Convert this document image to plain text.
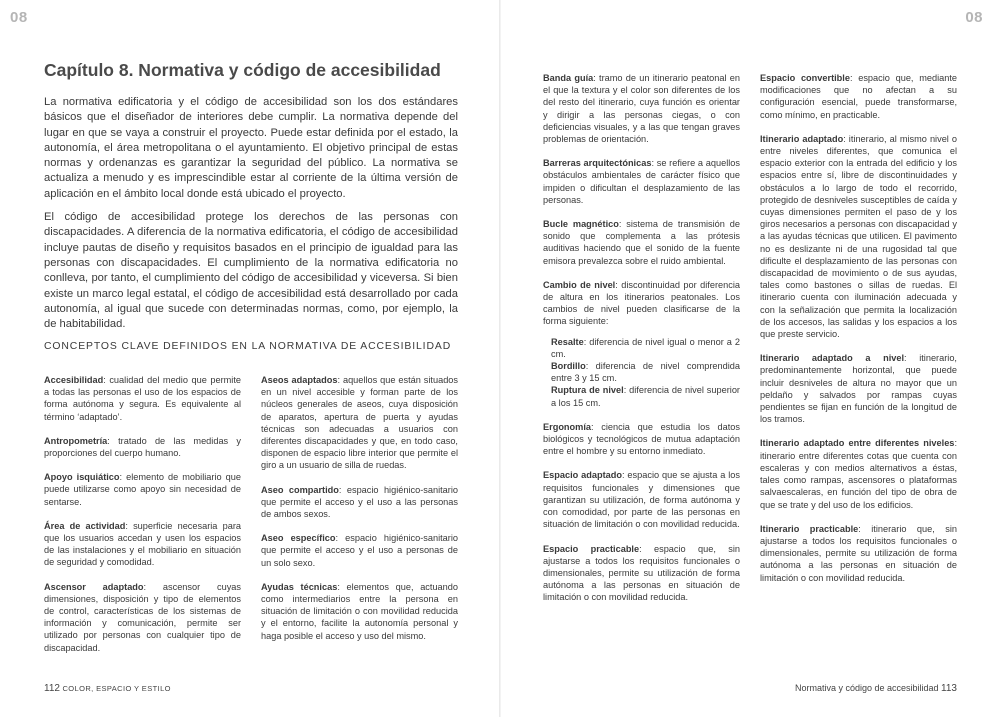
08
Capítulo 8. Normativa y código de accesibilidad

La normativa edificatoria y el código de accesibilidad son los dos estándares básicos que el diseñador de interiores debe cumplir. La normativa depende del lugar en que se vaya a construir el proyecto. Puede estar definida por el estado, la autonomía, el área metropolitana o el ayuntamiento. El objetivo principal de estas normas y ordenanzas es garantizar la seguridad del público. La normativa se actualiza a menudo y es imprescindible estar al corriente de la última versión de aplicación en el ámbito local donde está ubicado el proyecto.

El código de accesibilidad protege los derechos de las personas con discapacidades. A diferencia de la normativa edificatoria, el código de accesibilidad incluye pautas de diseño y requisitos basados en el principio de igualdad para las personas con discapacidades. El cumplimiento de la normativa edificatoria no conlleva, por tanto, el cumplimiento del código de accesibilidad y viceversa. Si bien existe un marco legal estatal, el código de accesibilidad está desarrollado por cada autonomía, al igual que sucede con determinadas normas, como, por ejemplo, la de habitabilidad.

CONCEPTOS CLAVE DEFINIDOS EN LA NORMATIVA DE ACCESIBILIDAD
Accesibilidad: cualidad del medio que permite a todas las personas el uso de los espacios de forma autónoma y segura. Es equivalente al término ‘adaptado’.
Antropometría: tratado de las medidas y proporciones del cuerpo humano.
Apoyo isquiático: elemento de mobiliario que puede utilizarse como apoyo sin necesidad de sentarse.
Área de actividad: superficie necesaria para que los usuarios accedan y usen los espacios de las instalaciones y el mobiliario en situación de seguridad y comodidad.
Ascensor adaptado: ascensor cuyas dimensiones, disposición y tipo de elementos de control, características de los sistemas de información y comunicación, permite ser utilizado por personas con cualquier tipo de discapacidad.
Aseos adaptados: aquellos que están situados en un nivel accesible y forman parte de los núcleos generales de aseos, cuya disposición de aparatos, apertura de puerta y ayudas técnicas son adecuadas a usuarios con diferentes discapacidades y que, en todo caso, disponen de espacio libre interior que permite el giro a un usuario de silla de ruedas.
Aseo compartido: espacio higiénico-sanitario que permite el acceso y el uso a las personas de ambos sexos.
Aseo específico: espacio higiénico-sanitario que permite el acceso y el uso a personas de un solo sexo.
Ayudas técnicas: elementos que, actuando como intermediarios entre la persona en situación de limitación o con movilidad reducida y el entorno, facilite la autonomía personal y haga posible el acceso y uso del mismo.
112 COLOR, ESPACIO Y ESTILO
08
Banda guía: tramo de un itinerario peatonal en el que la textura y el color son diferentes de los del resto del itinerario, cuya función es orientar y dirigir a las personas ciegas, o con deficiencias visuales, y a las que tengan graves problemas de orientación.
Barreras arquitectónicas: se refiere a aquellos obstáculos ambientales de carácter físico que impiden o dificultan el desplazamiento de las personas.
Bucle magnético: sistema de transmisión de sonido que complementa a las prótesis auditivas haciendo que el sonido de la fuente emisora prevalezca sobre el ruido ambiental.
Cambio de nivel: discontinuidad por diferencia de altura en los itinerarios peatonales. Los cambios de nivel pueden clasificarse de la forma siguiente:
Resalte: diferencia de nivel igual o menor a 2 cm.
Bordillo: diferencia de nivel comprendida entre 3 y 15 cm.
Ruptura de nivel: diferencia de nivel superior a los 15 cm.
Ergonomía: ciencia que estudia los datos biológicos y tecnológicos de mutua adaptación entre el hombre y su entorno inmediato.
Espacio adaptado: espacio que se ajusta a los requisitos funcionales y dimensiones que garantizan su utilización, de forma autónoma y con comodidad, por parte de las personas en situación de limitación o con movilidad reducida.
Espacio practicable: espacio que, sin ajustarse a todos los requisitos funcionales o dimensionales, permite su utilización de forma autónoma a las personas en situación de limitación o con movilidad reducida.
Espacio convertible: espacio que, mediante modificaciones que no afectan a su configuración esencial, puede transformarse, como mínimo, en practicable.
Itinerario adaptado: itinerario, al mismo nivel o entre niveles diferentes, que comunica el espacio exterior con la entrada del edificio y los espacios entre sí, libre de discontinuidades y obstáculos a lo largo de todo el recorrido, protegido de desniveles susceptibles de caída y cuyas dimensiones permiten el paso de y los giros necesarios a personas con discapacidad y a las ayudas técnicas que utilicen. El pavimento no es deslizante ni de una rugosidad tal que dificulte el desplazamiento de las personas con discapacidad de movimiento o de sus ayudas, tales como bastones o sillas de ruedas. El itinerario cuenta con iluminación adecuada y con la señalización que permita la localización de los accesos, las salidas y los espacios a los que preste servicio.
Itinerario adaptado a nivel: itinerario, predominantemente horizontal, que puede incluir desniveles de altura no mayor que un peldaño y salvados por rampas cuyas pendientes se fijan en función de la longitud de los tramos.
Itinerario adaptado entre diferentes niveles: itinerario entre diferentes cotas que cuenta con escaleras y con medios alternativos a éstas, tales como rampas, ascensores o plataformas salvaescaleras, en función del tipo de obra de que se trate y del uso de los edificios.
Itinerario practicable: itinerario que, sin ajustarse a todos los requisitos funcionales o dimensionales, permite su utilización de forma autónoma a las personas en situación de limitación o con movilidad reducida.
Normativa y código de accesibilidad 113
